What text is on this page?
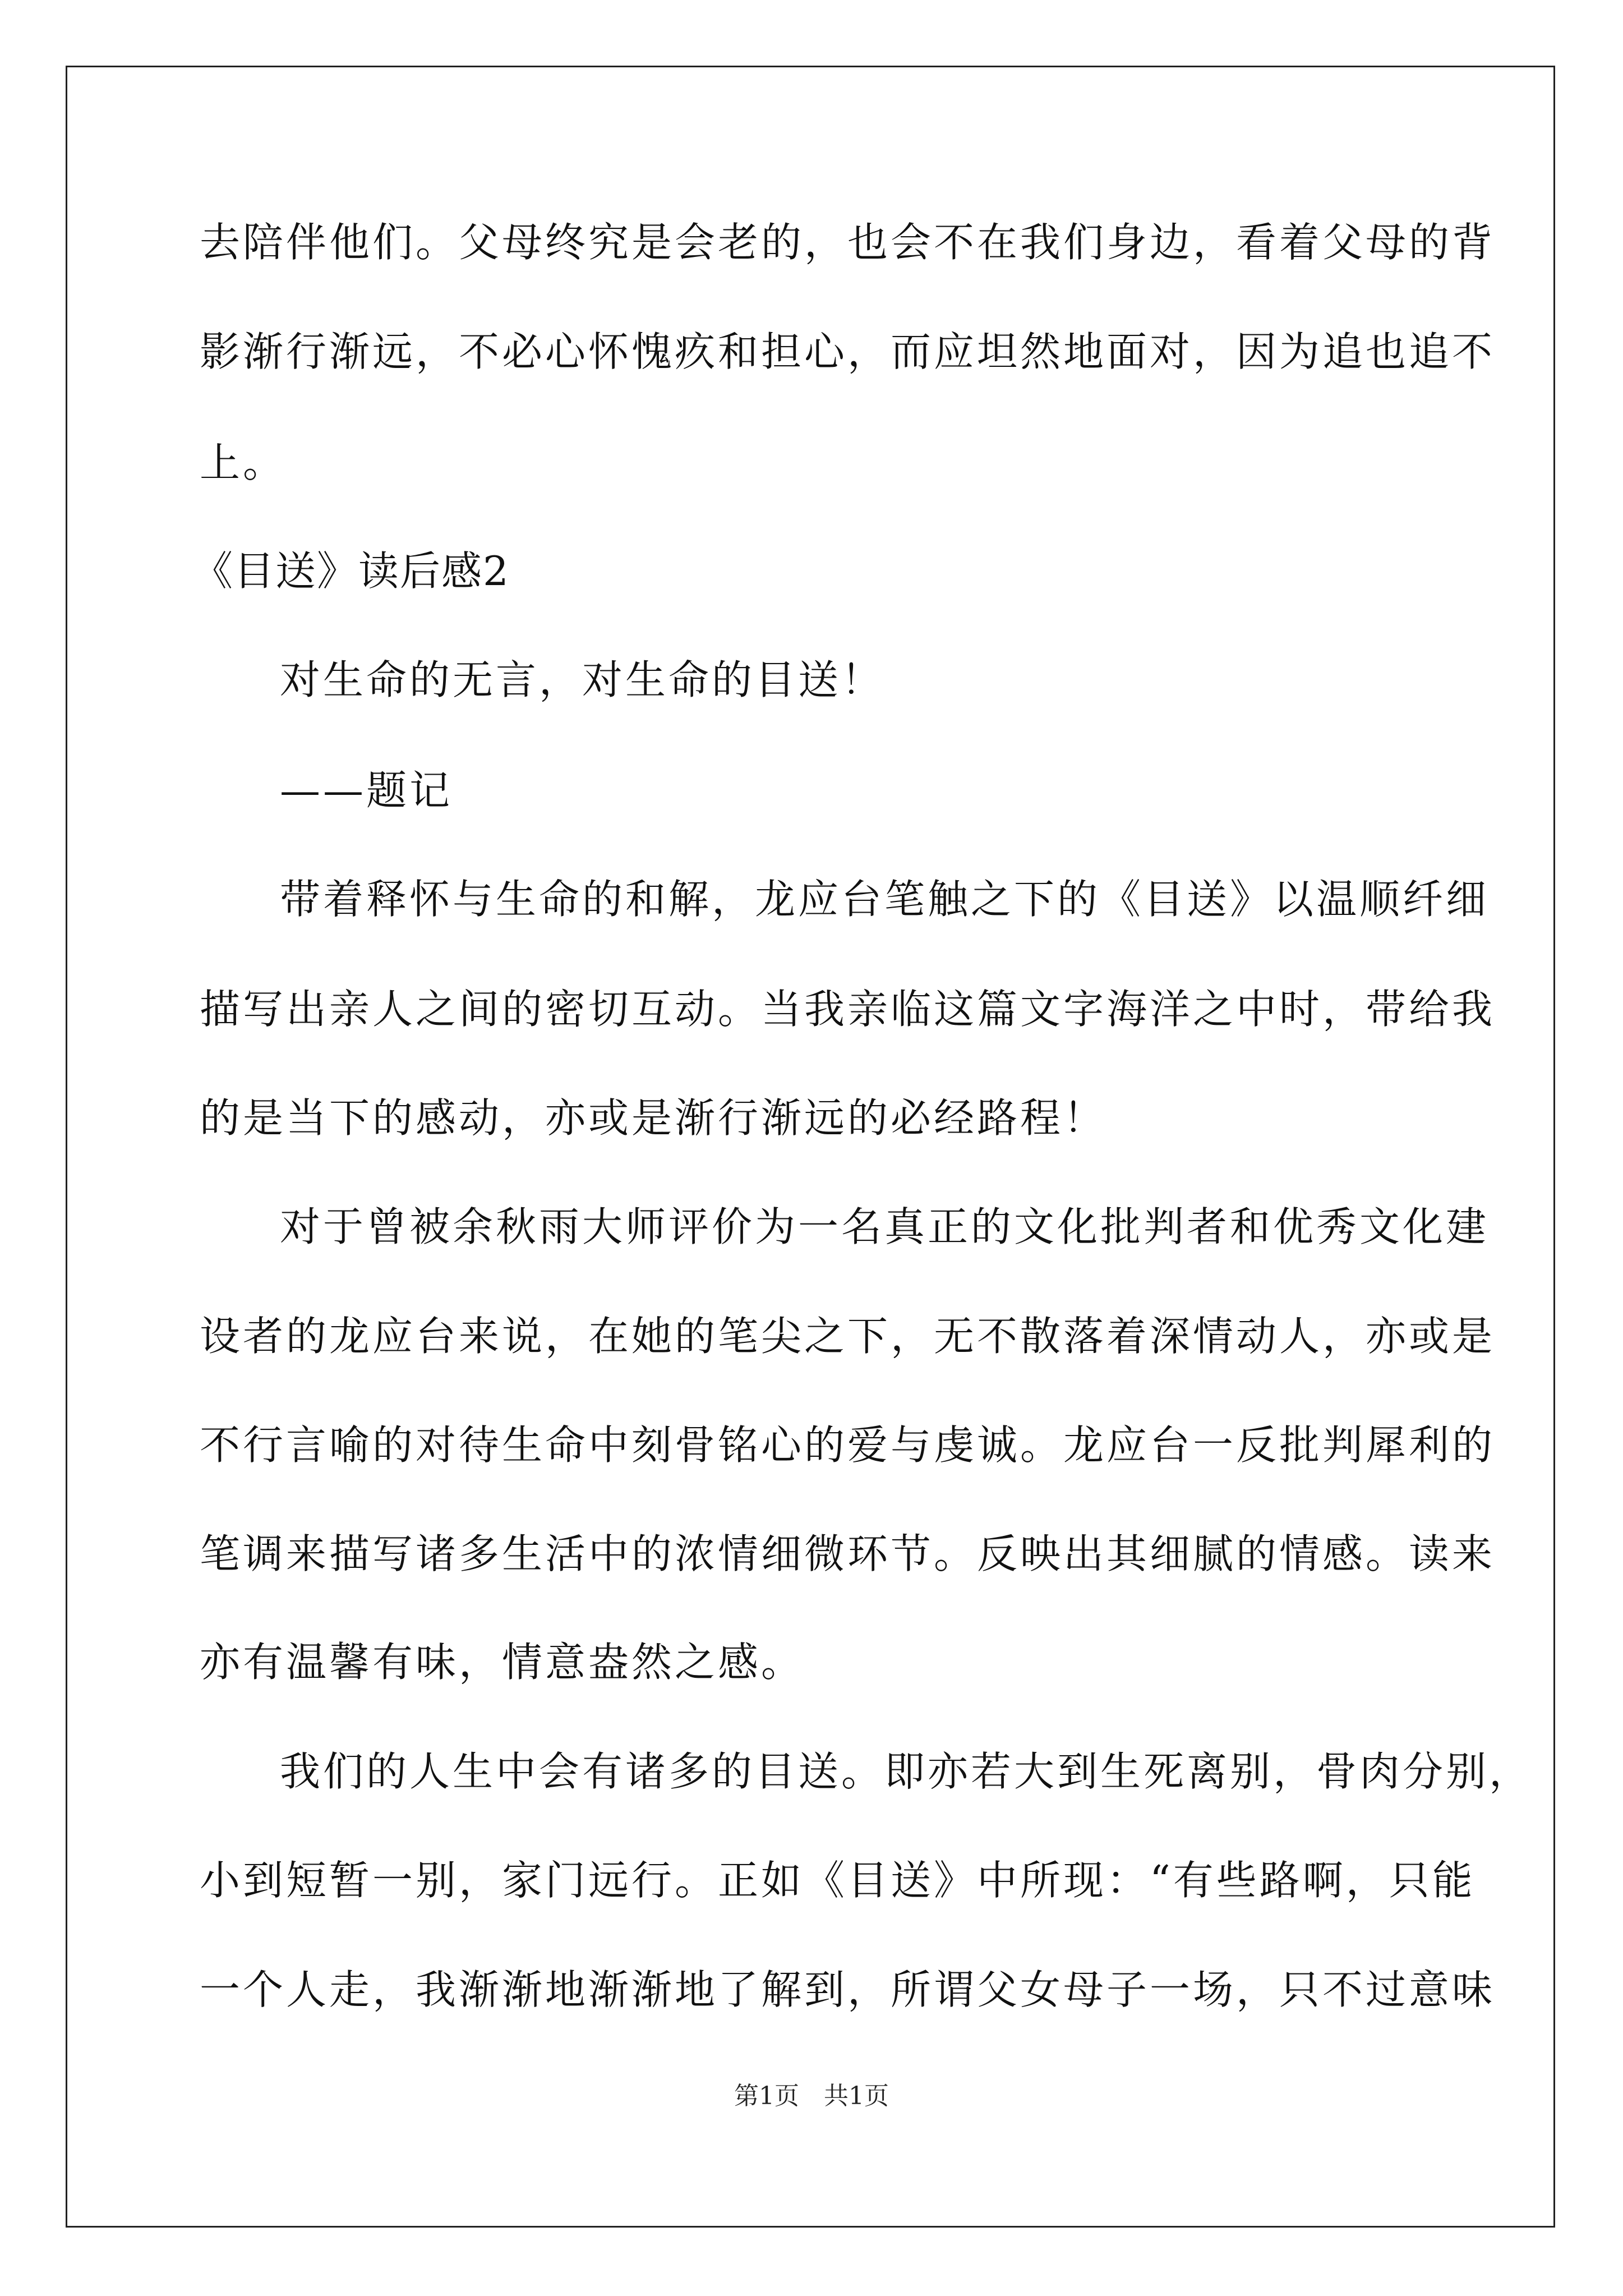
去陪伴他们。父母终究是会老的，也会不在我们身边，看着父母的背

影渐行渐远，不必心怀愧疚和担心，而应坦然地面对，因为追也追不

上。

《目送》读后感2

对生命的无言，对生命的目送！

——题记

带着释怀与生命的和解，龙应台笔触之下的《目送》以温顺纤细

描写出亲人之间的密切互动。当我亲临这篇文字海洋之中时，带给我

的是当下的感动，亦或是渐行渐远的必经路程！

对于曾被余秋雨大师评价为一名真正的文化批判者和优秀文化建

设者的龙应台来说，在她的笔尖之下，无不散落着深情动人，亦或是

不行言喻的对待生命中刻骨铭心的爱与虔诚。龙应台一反批判犀利的

笔调来描写诸多生活中的浓情细微环节。反映出其细腻的情感。读来

亦有温馨有味，情意盎然之感。

我们的人生中会有诸多的目送。即亦若大到生死离别，骨肉分别，

小到短暂一别，家门远行。正如《目送》中所现：“有些路啊，只能

一个人走，我渐渐地渐渐地了解到，所谓父女母子一场，只不过意味

第1页 共1页
